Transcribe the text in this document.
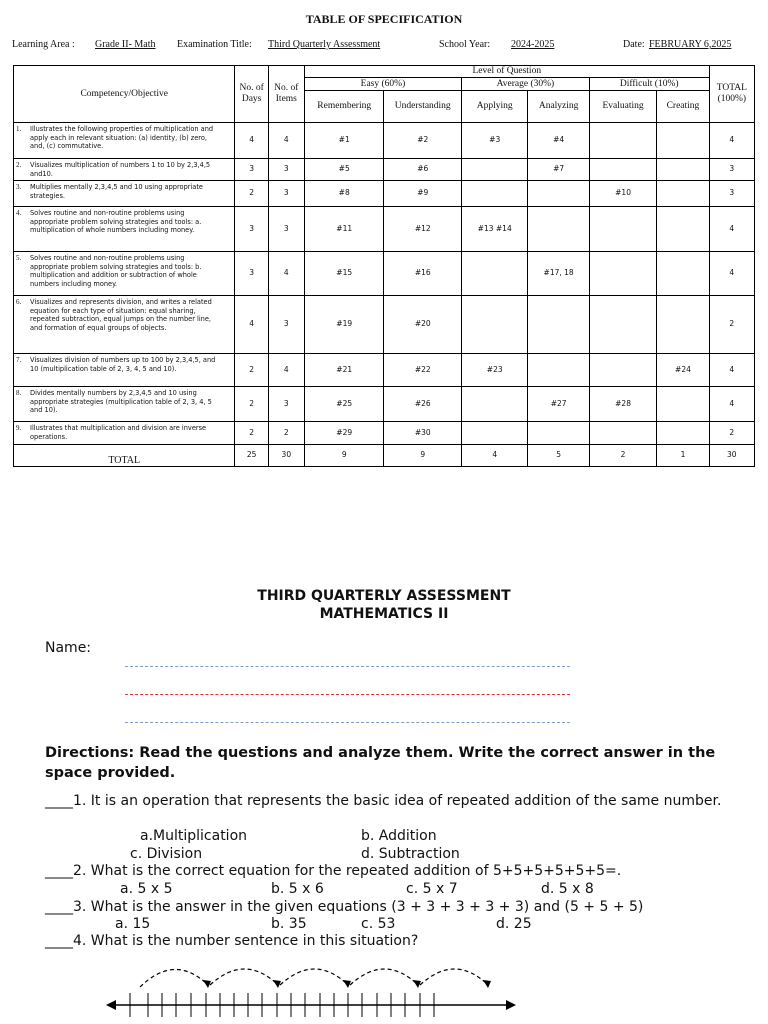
TABLE OF SPECIFICATION
Learning Area : Grade II- Math Examination Title: Third Quarterly Assessment	School Year: 2024-2025	Date: FEBRUARY 6,2025
Competency/Objective	No. of Days	No. of Items	Level of Question						TOTAL (100%)
			Easy (60%)		Average (30%)		Difficult (10%)		
			Remembering	Understanding	Applying	Analyzing	Evaluating	Creating	
1. Illustrates the following properties of multiplication and apply each in relevant situation: (a) identity, (b) zero, and, (c) commutative.	4	4	#1	#2	#3	#4			4
2. Visualizes multiplication of numbers 1 to 10 by 2,3,4,5 and10.	3	3	#5	#6		#7			3
3. Multiplies mentally 2,3,4,5 and 10 using appropriate strategies.	2	3	#8	#9			#10		3
4. Solves routine and non-routine problems using appropriate problem solving strategies and tools: a. multiplication of whole numbers including money.	3	3	#11	#12	#13 #14				4
5. Solves routine and non-routine problems using appropriate problem solving strategies and tools: b. multiplication and addition or subtraction of whole numbers including money.	3	4	#15	#16		#17, 18			4
6. Visualizes and represents division, and writes a related equation for each type of situation: equal sharing, repeated subtraction, equal jumps on the number line, and formation of equal groups of objects.	4	3	#19	#20					2
7. Visualizes division of numbers up to 100 by 2,3,4,5, and 10 (multiplication table of 2, 3, 4, 5 and 10).	2	4	#21	#22	#23			#24	4
8. Divides mentally numbers by 2,3,4,5 and 10 using appropriate strategies (multiplication table of 2, 3, 4, 5 and 10).	2	3	#25	#26		#27	#28		4
9. Illustrates that multiplication and division are inverse operations.	2	2	#29	#30					2
TOTAL	25	30	9	9	4	5	2	1	30
THIRD QUARTERLY ASSESSMENT
MATHEMATICS II
Name:
Directions: Read the questions and analyze them. Write the correct answer in the space provided.
____1. It is an operation that represents the basic idea of repeated addition of the same number.
a.Multiplication	b. Addition
c. Division	d. Subtraction
____2. What is the correct equation for the repeated addition of 5+5+5+5+5+5=.
a. 5 x 5	b. 5 x 6	c. 5 x 7	d. 5 x 8
____3. What is the answer in the given equations (3 + 3 + 3 + 3 + 3) and (5 + 5 + 5)
a. 15	b. 35	c. 53	d. 25
____4. What is the number sentence in this situation?
